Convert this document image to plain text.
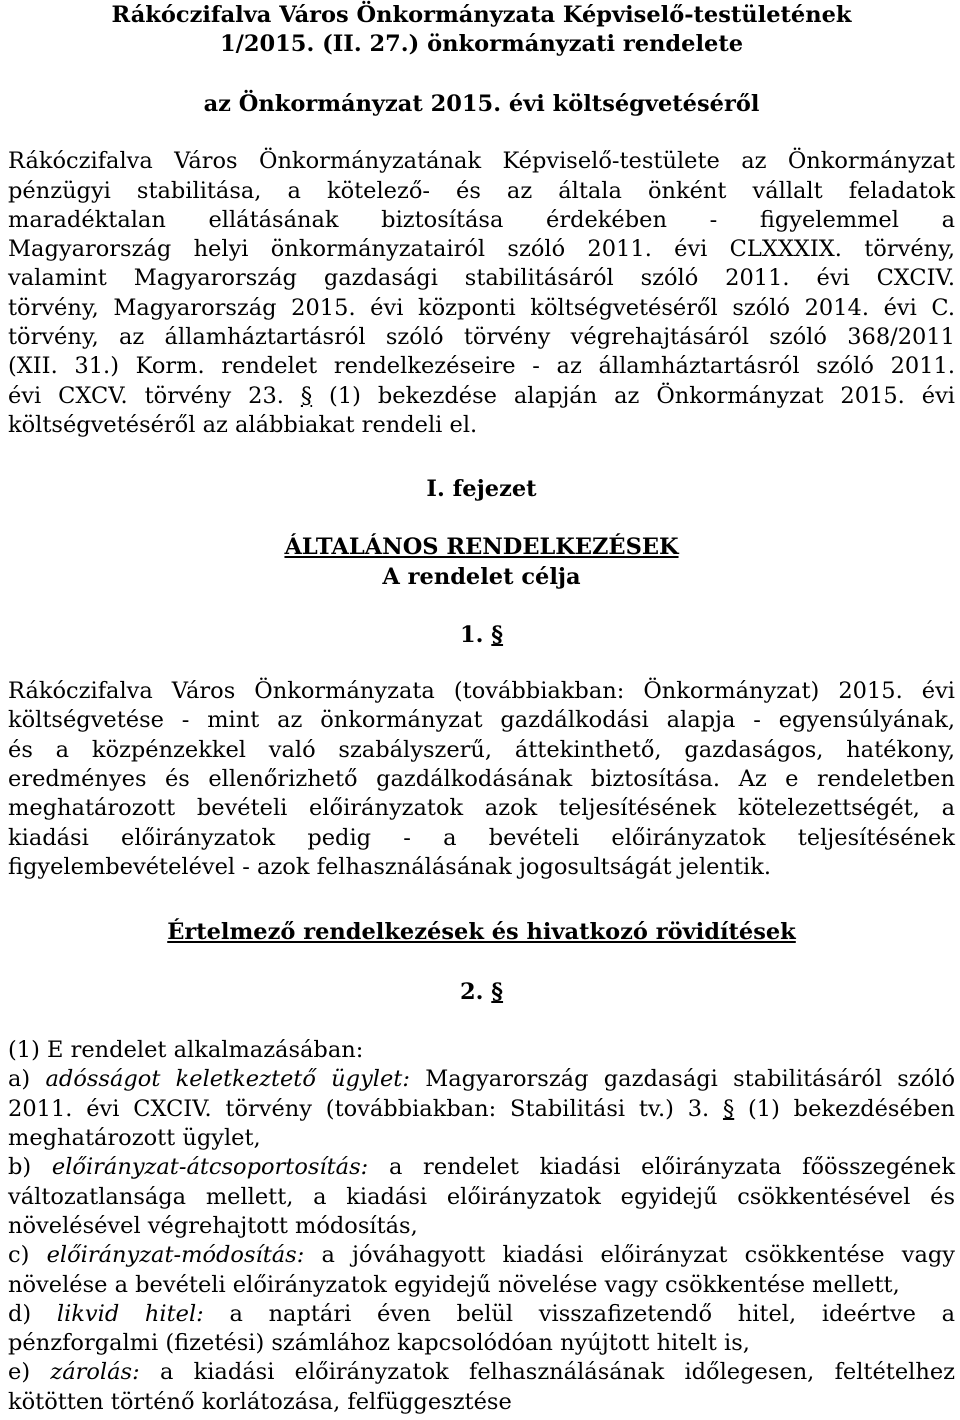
Rákóczifalva Város Önkormányzata Képviselő-testületének
1/2015. (II. 27.) önkormányzati rendelete
az Önkormányzat 2015. évi költségvetéséről
Rákóczifalva Város Önkormányzatának Képviselő-testülete az Önkormányzat
pénzügyi stabilitása, a kötelező- és az általa önként vállalt feladatok
maradéktalan ellátásának biztosítása érdekében - figyelemmel a
Magyarország helyi önkormányzatairól szóló 2011. évi CLXXXIX. törvény,
valamint Magyarország gazdasági stabilitásáról szóló 2011. évi CXCIV.
törvény, Magyarország 2015. évi központi költségvetéséről szóló 2014. évi C.
törvény, az államháztartásról szóló törvény végrehajtásáról szóló 368/2011
(XII. 31.) Korm. rendelet rendelkezéseire - az államháztartásról szóló 2011.
évi CXCV. törvény 23. § (1) bekezdése alapján az Önkormányzat 2015. évi
költségvetéséről az alábbiakat rendeli el.
I. fejezet
ÁLTALÁNOS RENDELKEZÉSEK
A rendelet célja
1. §
Rákóczifalva Város Önkormányzata (továbbiakban: Önkormányzat) 2015. évi
költségvetése - mint az önkormányzat gazdálkodási alapja - egyensúlyának,
és a közpénzekkel való szabályszerű, áttekinthető, gazdaságos, hatékony,
eredményes és ellenőrizhető gazdálkodásának biztosítása. Az e rendeletben
meghatározott bevételi előirányzatok azok teljesítésének kötelezettségét, a
kiadási előirányzatok pedig - a bevételi előirányzatok teljesítésének
figyelembevételével - azok felhasználásának jogosultságát jelentik.
Értelmező rendelkezések és hivatkozó rövidítések
2. §
(1) E rendelet alkalmazásában:
a) adósságot keletkeztető ügylet: Magyarország gazdasági stabilitásáról szóló
2011. évi CXCIV. törvény (továbbiakban: Stabilitási tv.) 3. § (1) bekezdésében
meghatározott ügylet,
b) előirányzat-átcsoportosítás: a rendelet kiadási előirányzata főösszegének
változatlansága mellett, a kiadási előirányzatok egyidejű csökkentésével és
növelésével végrehajtott módosítás,
c) előirányzat-módosítás: a jóváhagyott kiadási előirányzat csökkentése vagy
növelése a bevételi előirányzatok egyidejű növelése vagy csökkentése mellett,
d) likvid hitel: a naptári éven belül visszafizetendő hitel, ideértve a
pénzforgalmi (fizetési) számlához kapcsolódóan nyújtott hitelt is,
e) zárolás: a kiadási előirányzatok felhasználásának időlegesen, feltételhez
kötötten történő korlátozása, felfüggesztése
